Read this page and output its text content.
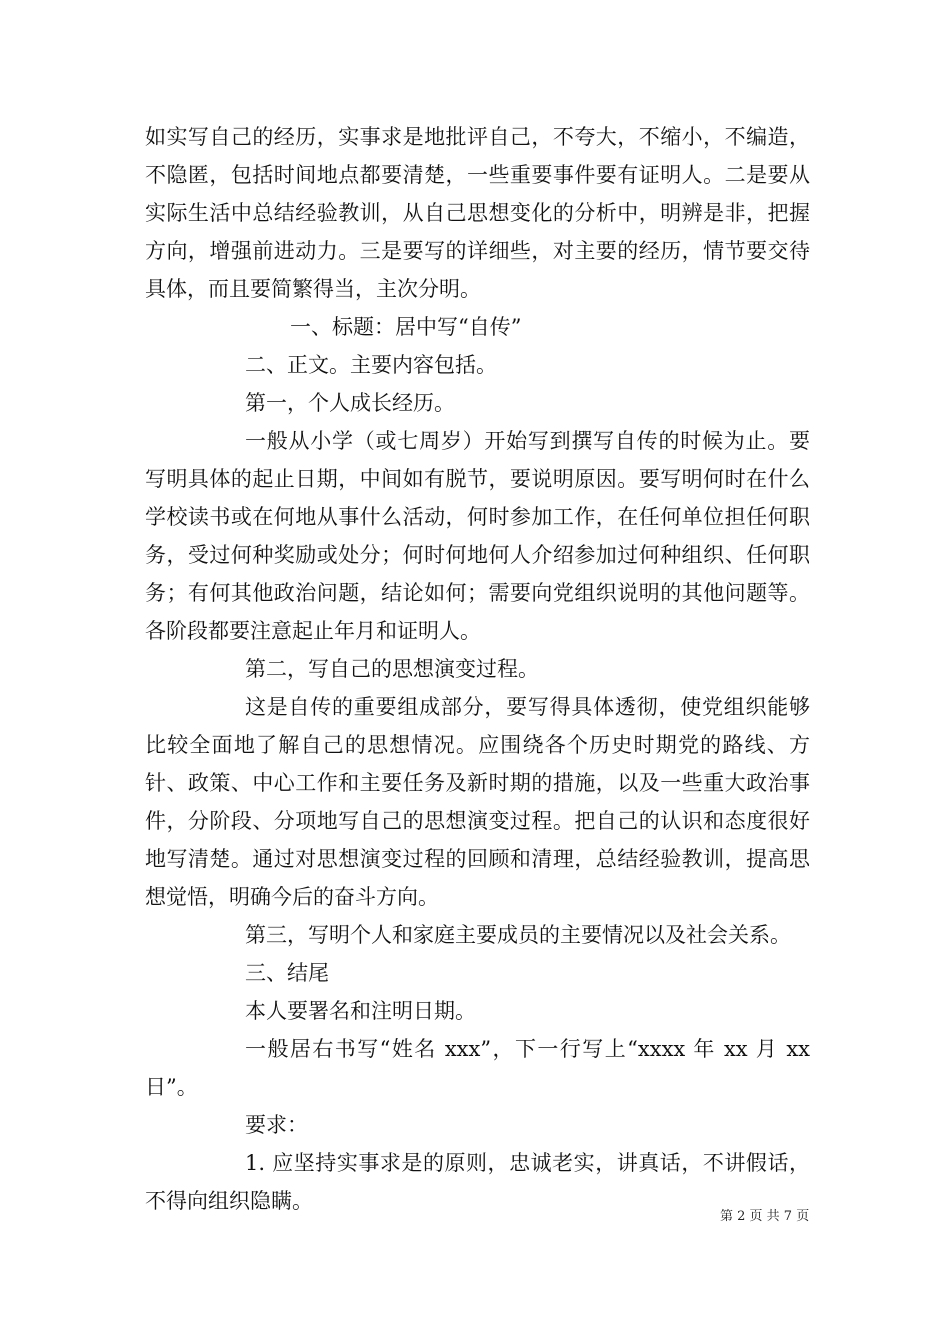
如实写自己的经历，实事求是地批评自己，不夸大，不缩小，不编造，不隐匿，包括时间地点都要清楚，一些重要事件要有证明人。二是要从实际生活中总结经验教训，从自己思想变化的分析中，明辨是非，把握方向，增强前进动力。三是要写的详细些，对主要的经历，情节要交待具体，而且要简繁得当，主次分明。

一、标题：居中写“自传”

二、正文。主要内容包括。

第一，个人成长经历。

一般从小学（或七周岁）开始写到撰写自传的时候为止。要写明具体的起止日期，中间如有脱节，要说明原因。要写明何时在什么学校读书或在何地从事什么活动，何时参加工作，在任何单位担任何职务，受过何种奖励或处分；何时何地何人介绍参加过何种组织、任何职务；有何其他政治问题，结论如何；需要向党组织说明的其他问题等。各阶段都要注意起止年月和证明人。

第二，写自己的思想演变过程。

这是自传的重要组成部分，要写得具体透彻，使党组织能够比较全面地了解自己的思想情况。应围绕各个历史时期党的路线、方针、政策、中心工作和主要任务及新时期的措施，以及一些重大政治事件，分阶段、分项地写自己的思想演变过程。把自己的认识和态度很好地写清楚。通过对思想演变过程的回顾和清理，总结经验教训，提高思想觉悟，明确今后的奋斗方向。

第三，写明个人和家庭主要成员的主要情况以及社会关系。

三、结尾

本人要署名和注明日期。

一般居右书写“姓名 xxx”，下一行写上“xxxx 年 xx 月 xx 日”。

要求：

1. 应坚持实事求是的原则，忠诚老实，讲真话，不讲假话，不得向组织隐瞒。

第 2 页 共 7 页
